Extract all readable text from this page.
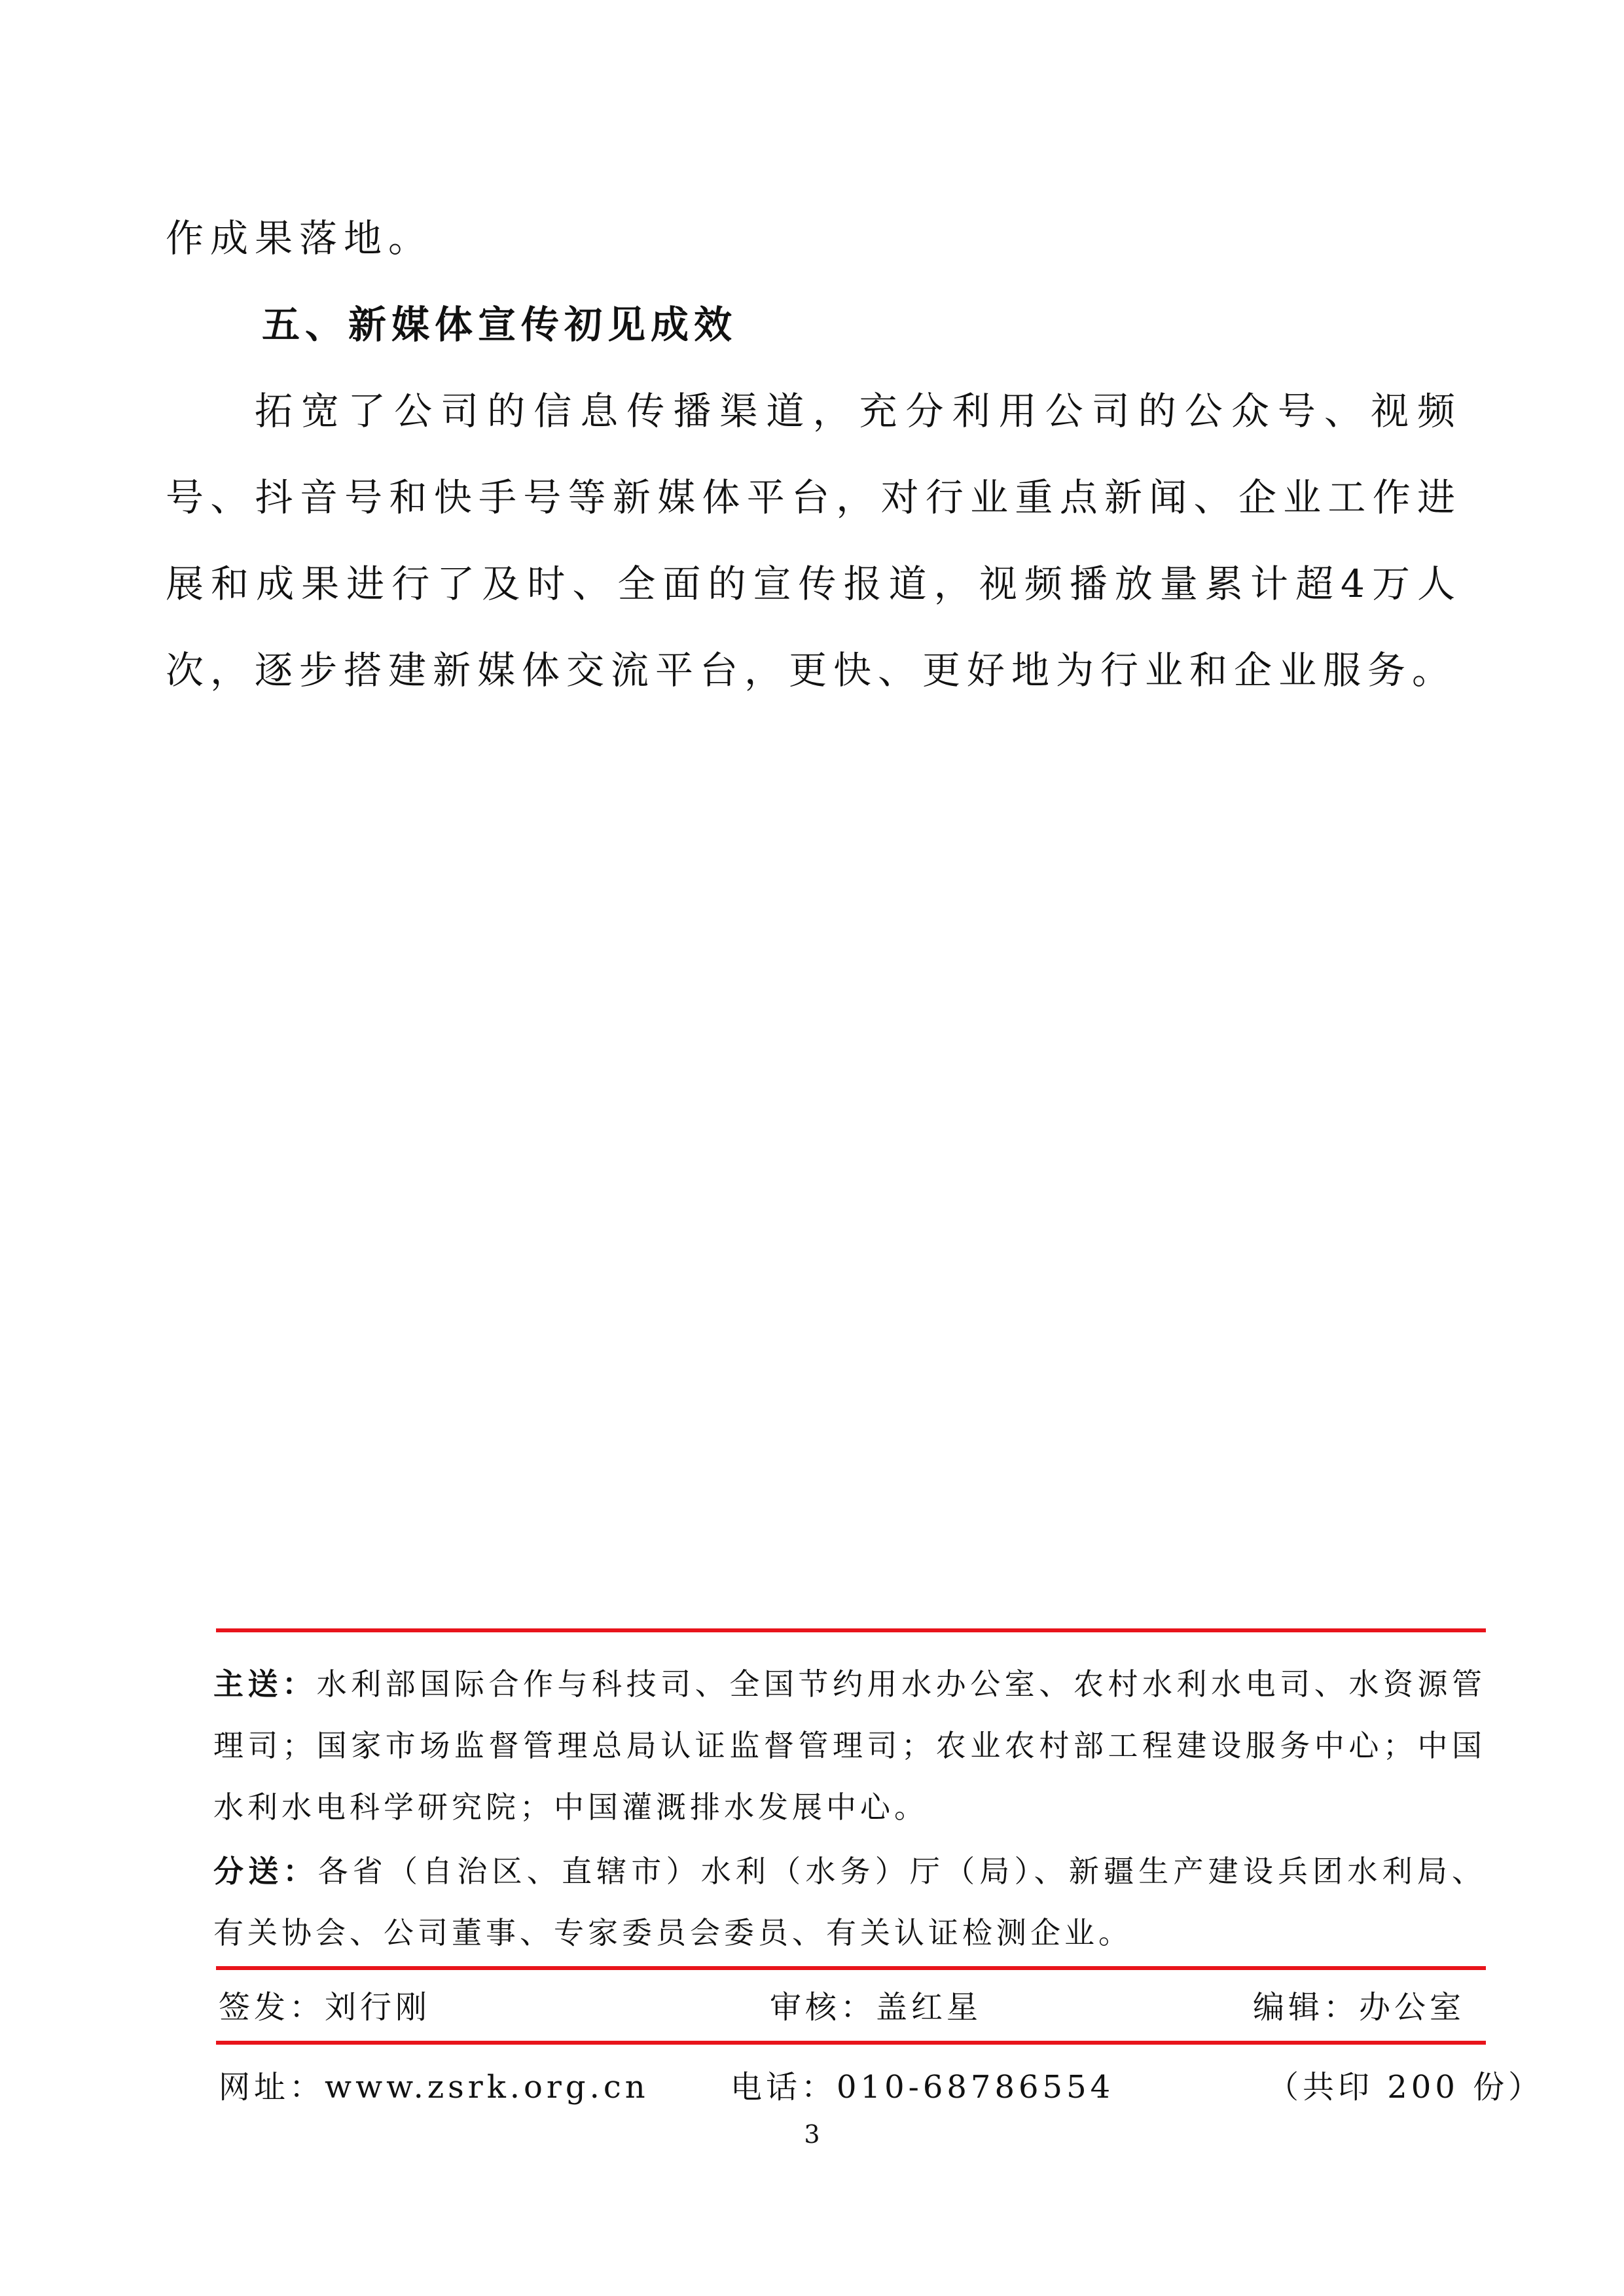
作成果落地。

五、新媒体宣传初见成效

拓宽了公司的信息传播渠道，充分利用公司的公众号、视频号、抖音号和快手号等新媒体平台，对行业重点新闻、企业工作进展和成果进行了及时、全面的宣传报道，视频播放量累计超4万人次，逐步搭建新媒体交流平台，更快、更好地为行业和企业服务。

主送：水利部国际合作与科技司、全国节约用水办公室、农村水利水电司、水资源管理司；国家市场监督管理总局认证监督管理司；农业农村部工程建设服务中心；中国水利水电科学研究院；中国灌溉排水发展中心。

分送：各省（自治区、直辖市）水利（水务）厅（局）、新疆生产建设兵团水利局、有关协会、公司董事、专家委员会委员、有关认证检测企业。

签发：刘行刚	审核：盖红星	编辑：办公室
网址：www.zsrk.org.cn	电话：010-68786554	（共印 200 份）
3
